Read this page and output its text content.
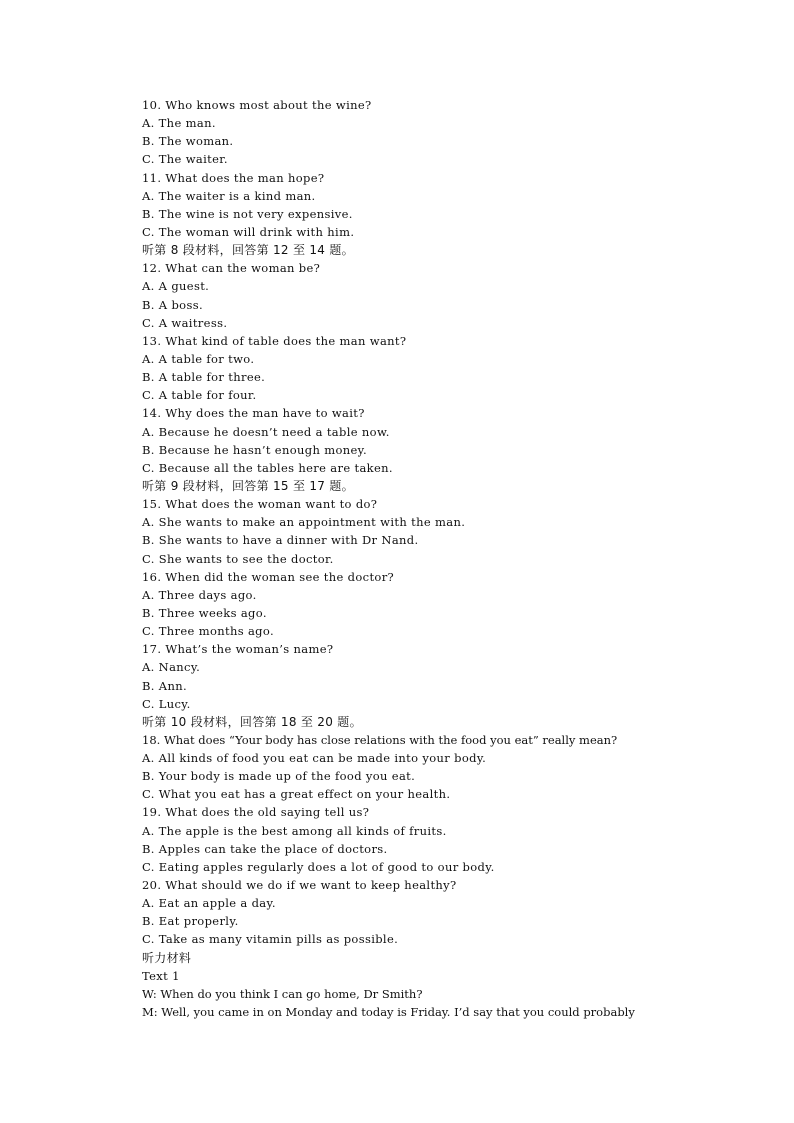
10. Who knows most about the wine?
A. The man.
B. The woman.
C. The waiter.
11. What does the man hope?
A. The waiter is a kind man.
B. The wine is not very expensive.
C. The woman will drink with him.
听第 8 段材料，回答第 12 至 14 题。
12. What can the woman be?
A. A guest.
B. A boss.
C. A waitress.
13. What kind of table does the man want?
A. A table for two.
B. A table for three.
C. A table for four.
14. Why does the man have to wait?
A. Because he doesn’t need a table now.
B. Because he hasn’t enough money.
C. Because all the tables here are taken.
听第 9 段材料，回答第 15 至 17 题。
15. What does the woman want to do?
A. She wants to make an appointment with the man.
B. She wants to have a dinner with Dr Nand.
C. She wants to see the doctor.
16. When did the woman see the doctor?
A. Three days ago.
B. Three weeks ago.
C. Three months ago.
17. What’s the woman’s name?
A. Nancy.
B. Ann.
C. Lucy.
听第 10 段材料，回答第 18 至 20 题。
18. What does “Your body has close relations with the food you eat” really mean?
A. All kinds of food you eat can be made into your body.
B. Your body is made up of the food you eat.
C. What you eat has a great effect on your health.
19. What does the old saying tell us?
A. The apple is the best among all kinds of fruits.
B. Apples can take the place of doctors.
C. Eating apples regularly does a lot of good to our body.
20. What should we do if we want to keep healthy?
A. Eat an apple a day.
B. Eat properly.
C. Take as many vitamin pills as possible.
听力材料
Text 1
W: When do you think I can go home, Dr Smith?
M: Well, you came in on Monday and today is Friday. I’d say that you could probably
